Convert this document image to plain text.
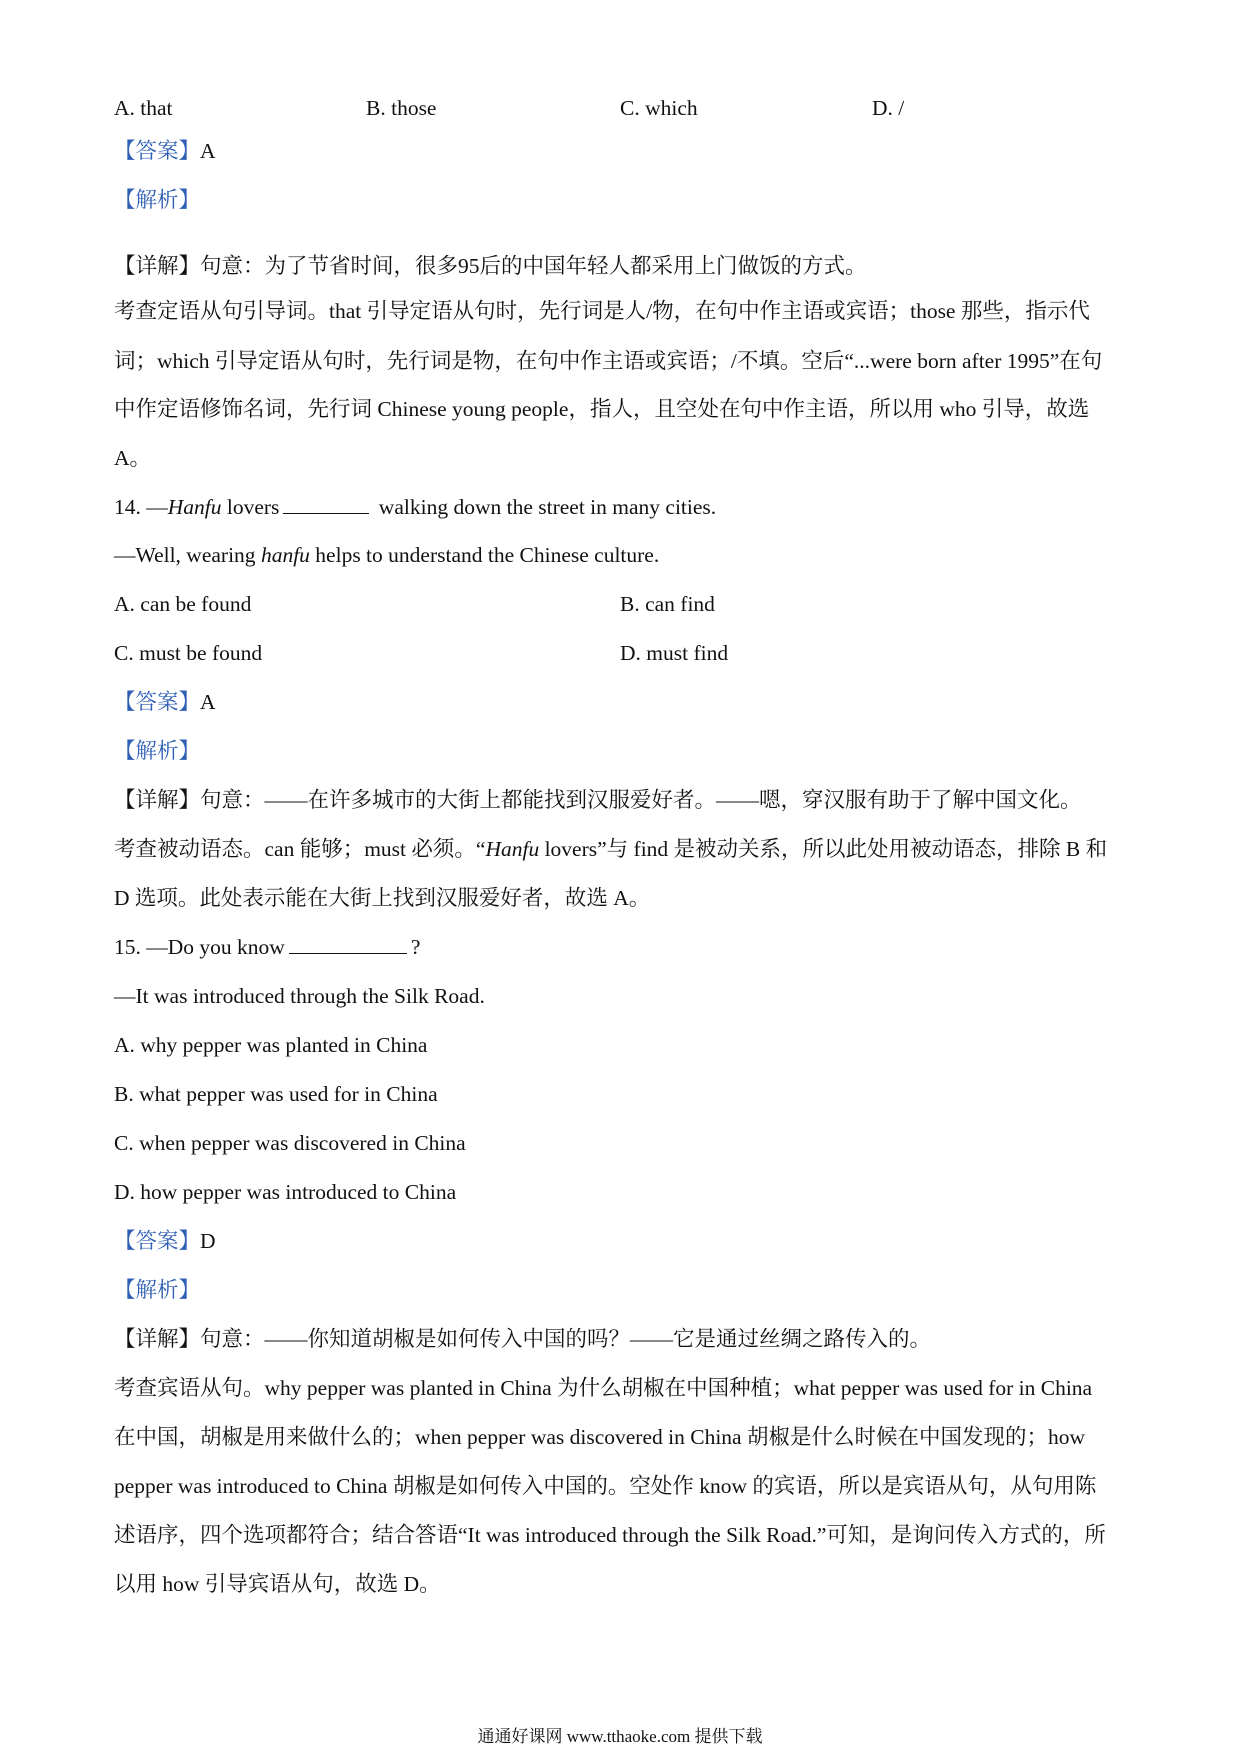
A. that	B. those	C. which	D. /
【答案】A
【解析】
【详解】句意：为了节省时间，很多95后的中国年轻人都采用上门做饭的方式。
考查定语从句引导词。that 引导定语从句时，先行词是人/物，在句中作主语或宾语；those 那些，指示代
词；which 引导定语从句时，先行词是物，在句中作主语或宾语；/不填。空后“...were born after 1995”在句
中作定语修饰名词，先行词 Chinese young people，指人，且空处在句中作主语，所以用 who 引导，故选
A。
14. —Hanfu lovers	walking down the street in many cities.
—Well, wearing hanfu helps to understand the Chinese culture.
A. can be found	B. can find
C. must be found	D. must find
【答案】A
【解析】
【详解】句意：——在许多城市的大街上都能找到汉服爱好者。——嗯，穿汉服有助于了解中国文化。
考查被动语态。can 能够；must 必须。“Hanfu lovers”与 find 是被动关系，所以此处用被动语态，排除 B 和
D 选项。此处表示能在大街上找到汉服爱好者，故选 A。
15. —Do you know	?
—It was introduced through the Silk Road.
A. why pepper was planted in China
B. what pepper was used for in China
C. when pepper was discovered in China
D. how pepper was introduced to China
【答案】D
【解析】
【详解】句意：——你知道胡椒是如何传入中国的吗？——它是通过丝绸之路传入的。
考查宾语从句。why pepper was planted in China 为什么胡椒在中国种植；what pepper was used for in China
在中国，胡椒是用来做什么的；when pepper was discovered in China 胡椒是什么时候在中国发现的；how
pepper was introduced to China 胡椒是如何传入中国的。空处作 know 的宾语，所以是宾语从句，从句用陈
述语序，四个选项都符合；结合答语“It was introduced through the Silk Road.”可知，是询问传入方式的，所
以用 how 引导宾语从句，故选 D。
通通好课网 www.tthaoke.com 提供下载
